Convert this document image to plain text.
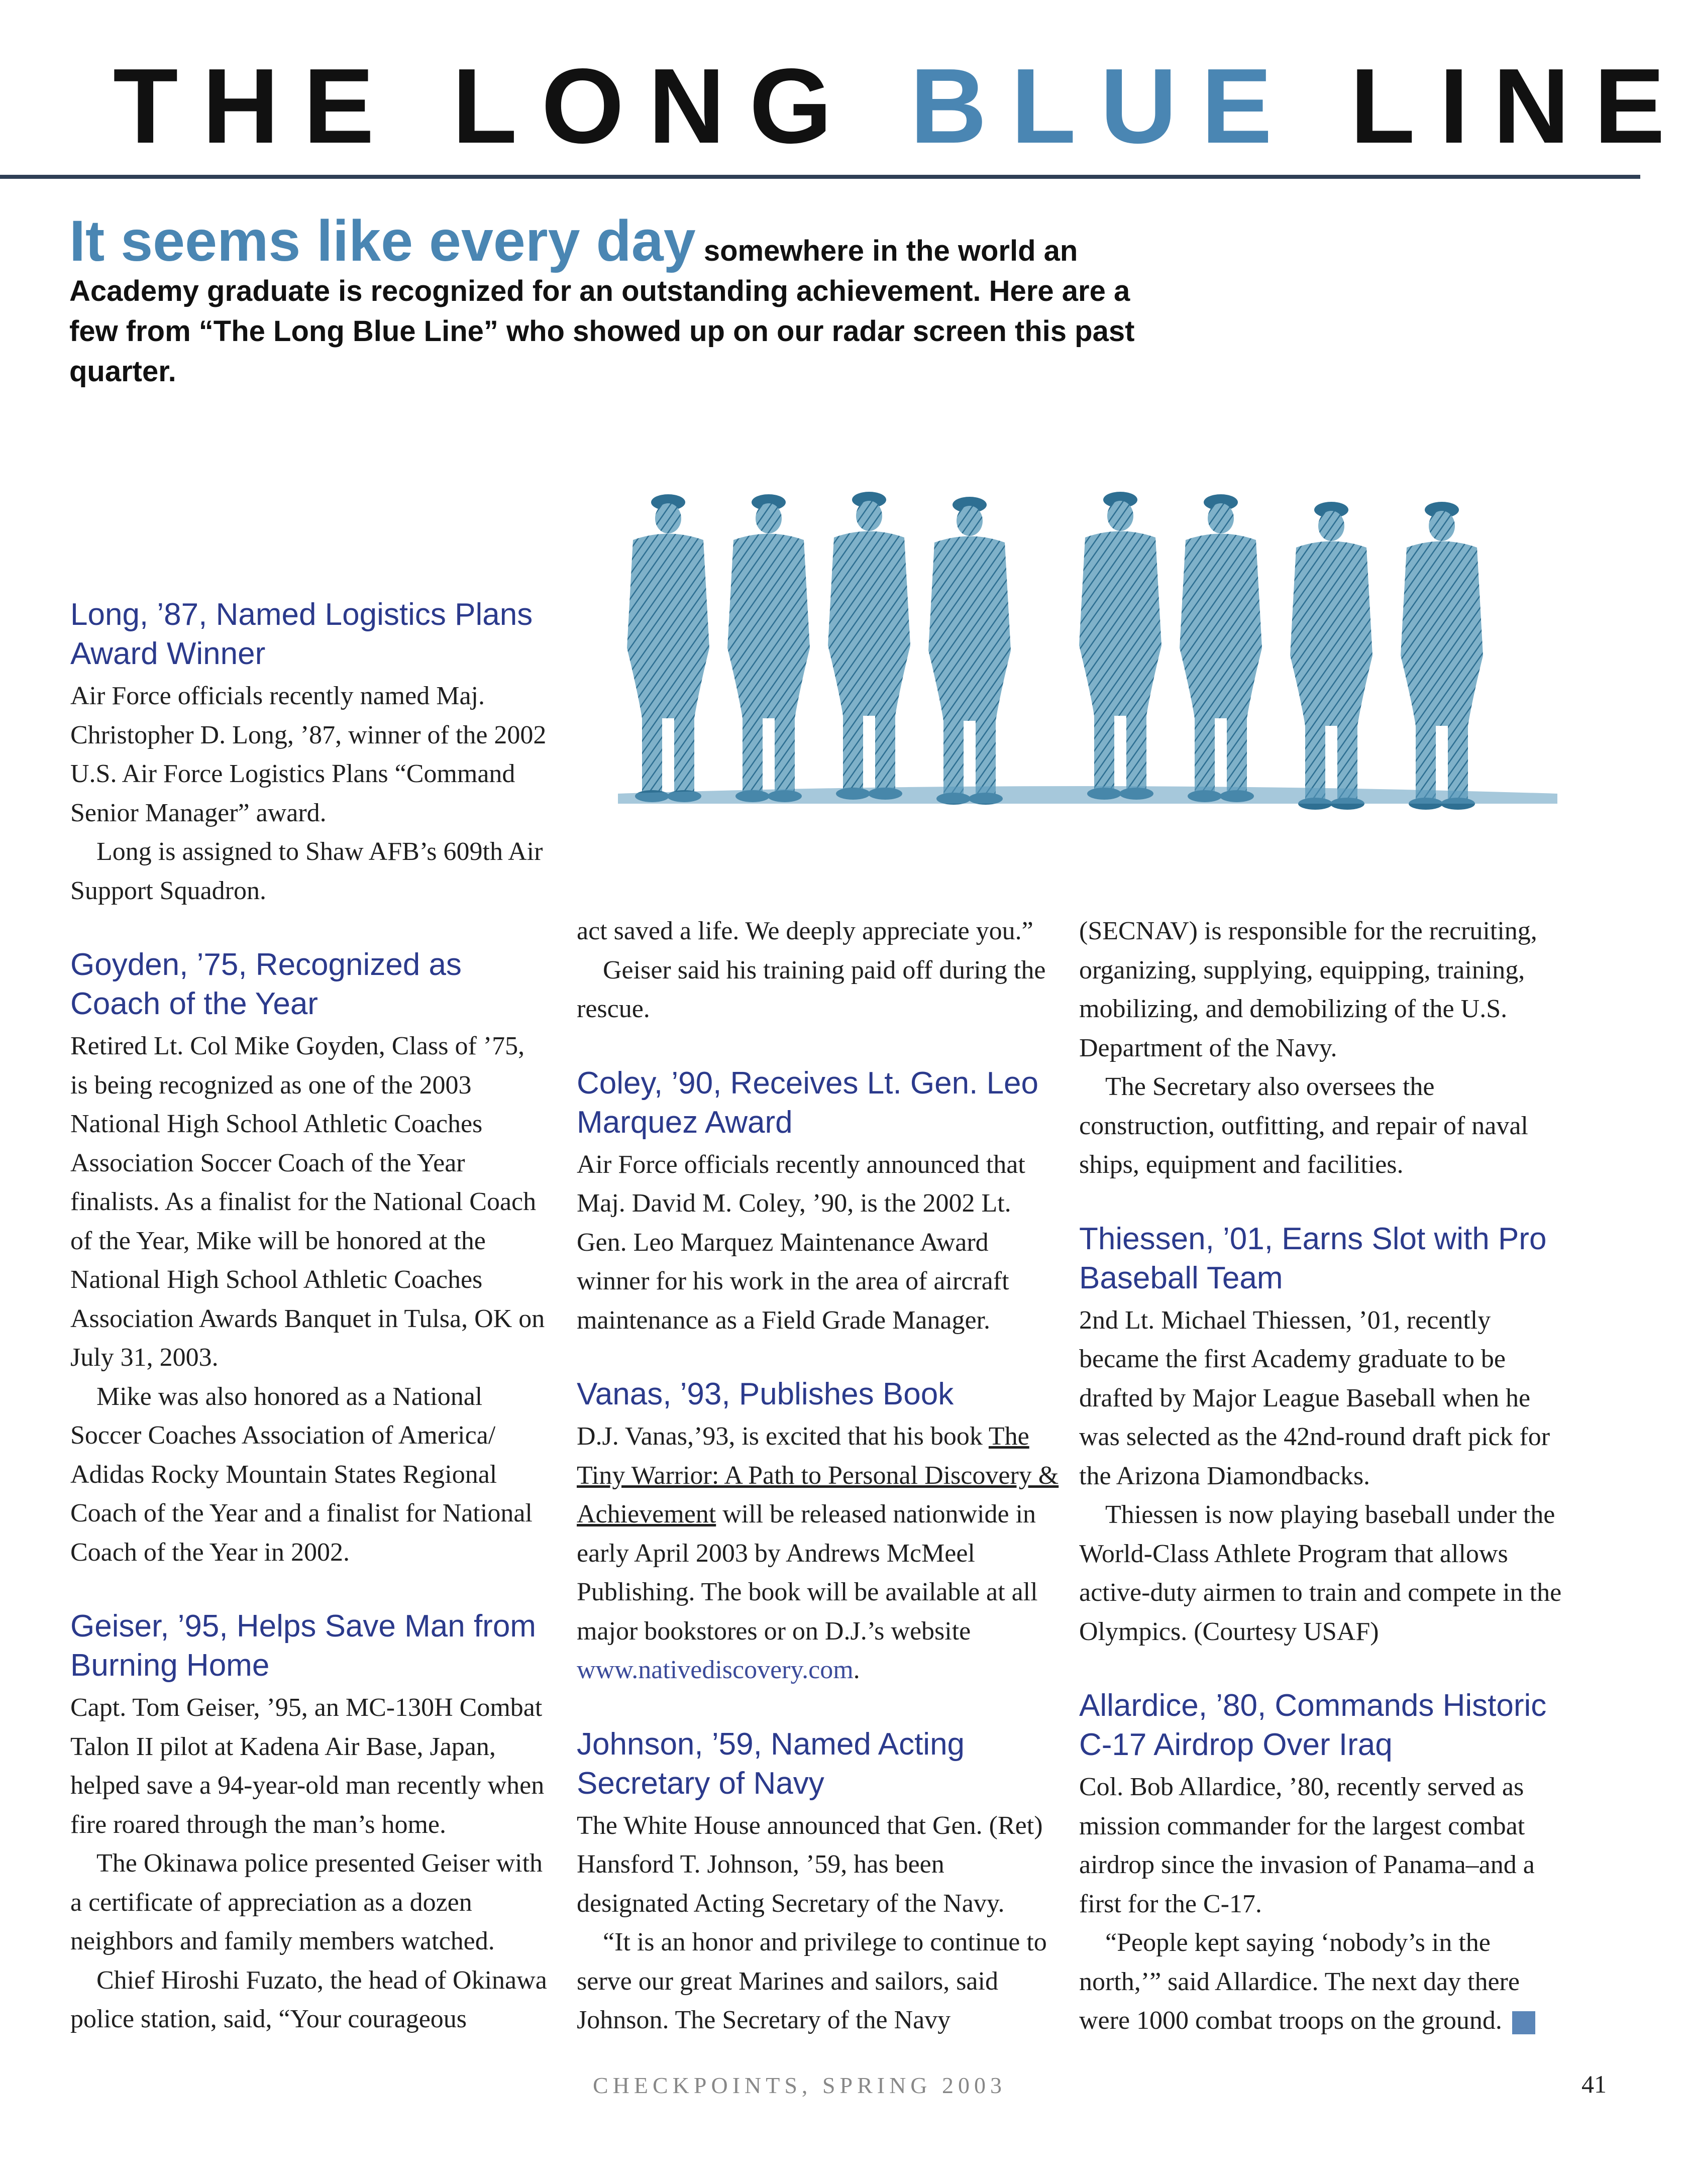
THE LONG BLUE LINE
It seems like every day somewhere in the world an Academy graduate is recognized for an outstanding achievement. Here are a few from “The Long Blue Line” who showed up on our radar screen this past quarter.
Long, ’87, Named Logistics Plans Award Winner

Air Force officials recently named Maj. Christopher D. Long, ’87, winner of the 2002 U.S. Air Force Logistics Plans “Command Senior Manager” award.

Long is assigned to Shaw AFB’s 609th Air Support Squadron.

Goyden, ’75, Recognized as Coach of the Year

Retired Lt. Col Mike Goyden, Class of ’75, is being recognized as one of the 2003 National High School Athletic Coaches Association Soccer Coach of the Year finalists. As a finalist for the National Coach of the Year, Mike will be honored at the National High School Athletic Coaches Association Awards Banquet in Tulsa, OK on July 31, 2003.

Mike was also honored as a National Soccer Coaches Association of America/ Adidas Rocky Mountain States Regional Coach of the Year and a finalist for National Coach of the Year in 2002.

Geiser, ’95, Helps Save Man from Burning Home

Capt. Tom Geiser, ’95, an MC-130H Combat Talon II pilot at Kadena Air Base, Japan, helped save a 94-year-old man recently when fire roared through the man’s home.

The Okinawa police presented Geiser with a certificate of appreciation as a dozen neighbors and family members watched.

Chief Hiroshi Fuzato, the head of Okinawa police station, said, “Your courageous

act saved a life. We deeply appreciate you.”

Geiser said his training paid off during the rescue.

Coley, ’90, Receives Lt. Gen. Leo Marquez Award

Air Force officials recently announced that Maj. David M. Coley, ’90, is the 2002 Lt. Gen. Leo Marquez Maintenance Award winner for his work in the area of aircraft maintenance as a Field Grade Manager.

Vanas, ’93, Publishes Book

D.J. Vanas,’93, is excited that his book The Tiny Warrior: A Path to Personal Discovery & Achievement will be released nationwide in early April 2003 by Andrews McMeel Publishing. The book will be available at all major bookstores or on D.J.’s website www.nativediscovery.com.

Johnson, ’59, Named Acting Secretary of Navy

The White House announced that Gen. (Ret) Hansford T. Johnson, ’59, has been designated Acting Secretary of the Navy.

“It is an honor and privilege to continue to serve our great Marines and sailors, said Johnson. The Secretary of the Navy

(SECNAV) is responsible for the recruiting, organizing, supplying, equipping, training, mobilizing, and demobilizing of the U.S. Department of the Navy.

The Secretary also oversees the construction, outfitting, and repair of naval ships, equipment and facilities.

Thiessen, ’01, Earns Slot with Pro Baseball Team

2nd Lt. Michael Thiessen, ’01, recently became the first Academy graduate to be drafted by Major League Baseball when he was selected as the 42nd-round draft pick for the Arizona Diamondbacks.

Thiessen is now playing baseball under the World-Class Athlete Program that allows active-duty airmen to train and compete in the Olympics. (Courtesy USAF)

Allardice, ’80, Commands Historic C-17 Airdrop Over Iraq

Col. Bob Allardice, ’80, recently served as mission commander for the largest combat airdrop since the invasion of Panama–and a first for the C-17.

“People kept saying ‘nobody’s in the north,’” said Allardice. The next day there were 1000 combat troops on the ground. ✓

CHECKPOINTS, SPRING 2003	41
